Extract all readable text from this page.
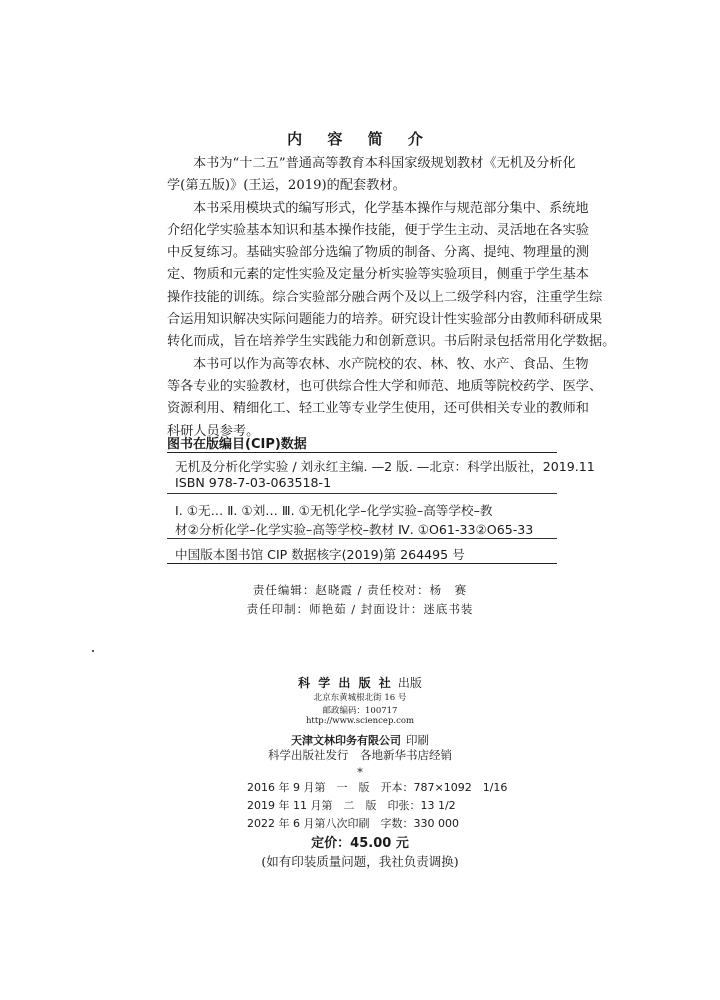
内 容 简 介
本书为“十二五”普通高等教育本科国家级规划教材《无机及分析化
学(第五版)》(王运，2019)的配套教材。
本书采用模块式的编写形式，化学基本操作与规范部分集中、系统地
介绍化学实验基本知识和基本操作技能，便于学生主动、灵活地在各实验
中反复练习。基础实验部分选编了物质的制备、分离、提纯、物理量的测
定、物质和元素的定性实验及定量分析实验等实验项目，侧重于学生基本
操作技能的训练。综合实验部分融合两个及以上二级学科内容，注重学生综
合运用知识解决实际问题能力的培养。研究设计性实验部分由教师科研成果
转化而成，旨在培养学生实践能力和创新意识。书后附录包括常用化学数据。
本书可以作为高等农林、水产院校的农、林、牧、水产、食品、生物
等各专业的实验教材，也可供综合性大学和师范、地质等院校药学、医学、
资源利用、精细化工、轻工业等专业学生使用，还可供相关专业的教师和
科研人员参考。
图书在版编目(CIP)数据
无机及分析化学实验 / 刘永红主编. —2 版. —北京：科学出版社，2019.11
ISBN 978-7-03-063518-1
Ⅰ. ①无… Ⅱ. ①刘… Ⅲ. ①无机化学–化学实验–高等学校–教
材②分析化学–化学实验–高等学校–教材 Ⅳ. ①O61-33②O65-33
中国版本图书馆 CIP 数据核字(2019)第 264495 号
责任编辑：赵晓霞 / 责任校对：杨　赛
责任印制：师艳茹 / 封面设计：迷底书装
科 学 出 版 社 出版
北京东黄城根北街 16 号
邮政编码：100717
http://www.sciencep.com
天津文林印务有限公司 印刷
科学出版社发行　各地新华书店经销
*
2016 年 9 月第　一　版　开本：787×1092　1/16
2019 年 11 月第　二　版　印张：13 1/2
2022 年 6 月第八次印刷　字数：330 000
定价：45.00 元
(如有印装质量问题，我社负责调换)
